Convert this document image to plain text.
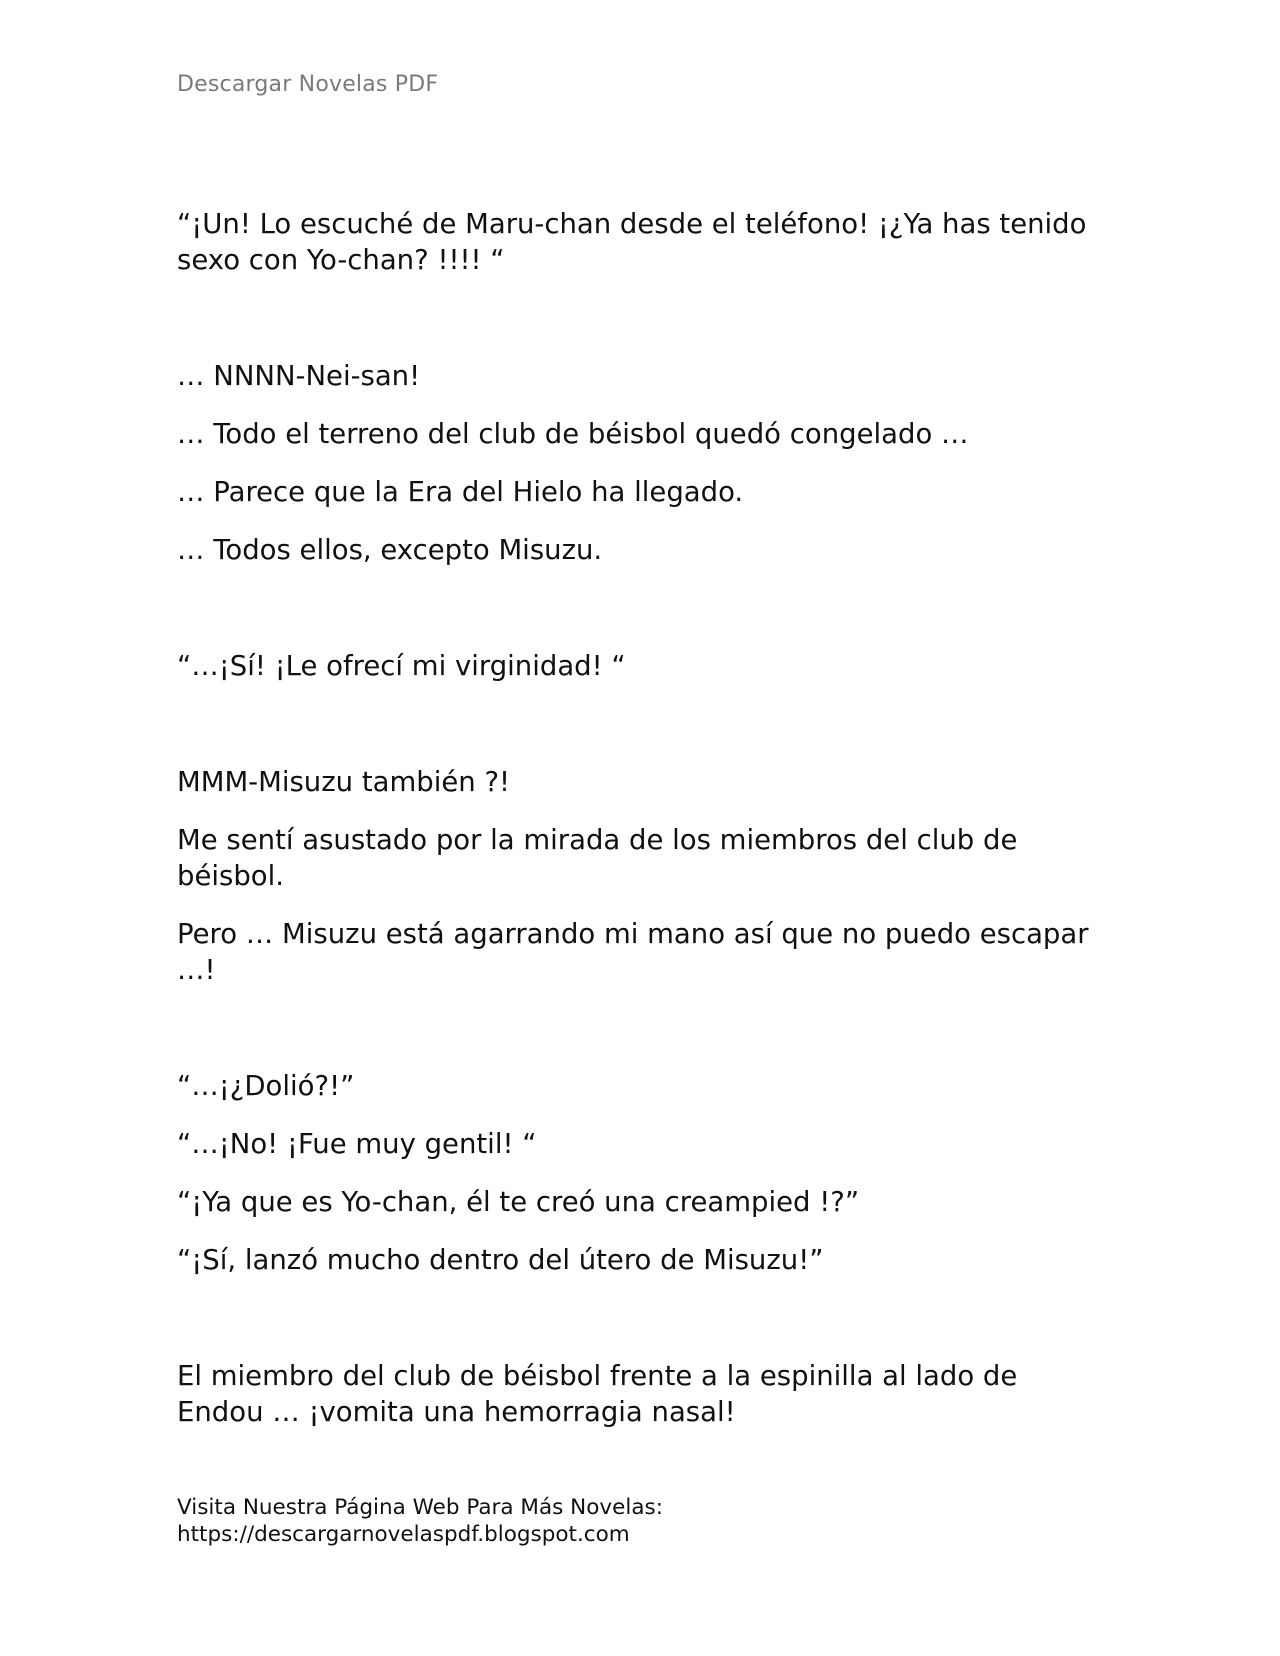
Descargar Novelas PDF

“¡Un! Lo escuché de Maru-chan desde el teléfono! ¡¿Ya has tenido sexo con Yo-chan? !!!! “

… NNNN-Nei-san!

… Todo el terreno del club de béisbol quedó congelado …

… Parece que la Era del Hielo ha llegado.

… Todos ellos, excepto Misuzu.

“…¡Sí! ¡Le ofrecí mi virginidad! “

MMM-Misuzu también ?!

Me sentí asustado por la mirada de los miembros del club de béisbol.

Pero … Misuzu está agarrando mi mano así que no puedo escapar …!

“…¡¿Dolió?!”

“…¡No! ¡Fue muy gentil! “

“¡Ya que es Yo-chan, él te creó una creampied !?”

“¡Sí, lanzó mucho dentro del útero de Misuzu!”

El miembro del club de béisbol frente a la espinilla al lado de Endou … ¡vomita una hemorragia nasal!

Visita Nuestra Página Web Para Más Novelas:
https://descargarnovelaspdf.blogspot.com
